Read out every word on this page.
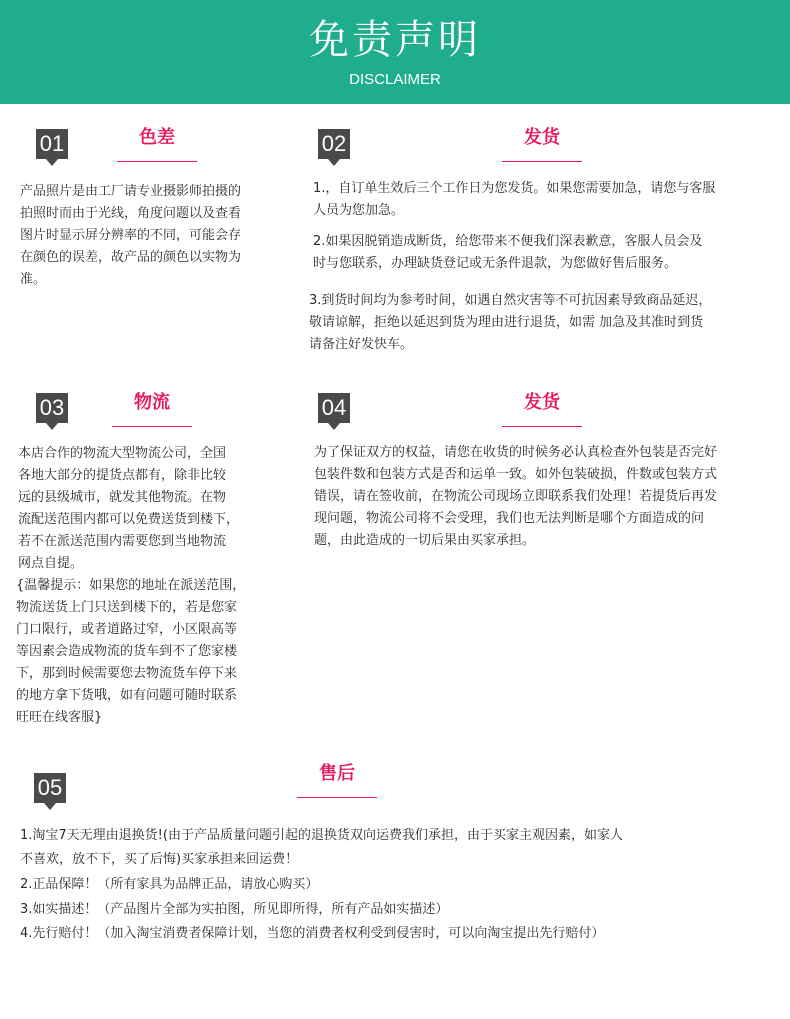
免责声明
DISCLAIMER
01	色差
产品照片是由工厂请专业摄影师拍摄的
拍照时而由于光线，角度问题以及查看
图片时显示屏分辨率的不同，可能会存
在颜色的误差，故产品的颜色以实物为
准。
02	发货
1.，自订单生效后三个工作日为您发货。如果您需要加急，请您与客服
人员为您加急。
2.如果因脱销造成断货，给您带来不便我们深表歉意，客服人员会及
时与您联系，办理缺货登记或无条件退款，为您做好售后服务。
3.到货时间均为参考时间，如遇自然灾害等不可抗因素导致商品延迟，
敬请谅解，拒绝以延迟到货为理由进行退货，如需 加急及其准时到货
请备注好发快车。
03	物流
本店合作的物流大型物流公司，全国
各地大部分的提货点都有，除非比较
远的县级城市，就发其他物流。在物
流配送范围内都可以免费送货到楼下，
若不在派送范围内需要您到当地物流
网点自提。
{温馨提示：如果您的地址在派送范围，
物流送货上门只送到楼下的，若是您家
门口限行，或者道路过窄，小区限高等
等因素会造成物流的货车到不了您家楼
下，那到时候需要您去物流货车停下来
的地方拿下货哦，如有问题可随时联系
旺旺在线客服}
04	发货
为了保证双方的权益，请您在收货的时候务必认真检查外包装是否完好
包装件数和包装方式是否和运单一致。如外包装破损，件数或包装方式
错误，请在签收前，在物流公司现场立即联系我们处理！若提货后再发
现问题，物流公司将不会受理，我们也无法判断是哪个方面造成的问
题，由此造成的一切后果由买家承担。
05
售后
1.淘宝7天无理由退换货!(由于产品质量问题引起的退换货双向运费我们承担，由于买家主观因素，如家人
不喜欢，放不下，买了后悔)买家承担来回运费！
2.正品保障！（所有家具为品牌正品，请放心购买）
3.如实描述！（产品图片全部为实拍图，所见即所得，所有产品如实描述）
4.先行赔付！（加入淘宝消费者保障计划，当您的消费者权利受到侵害时，可以向淘宝提出先行赔付）
